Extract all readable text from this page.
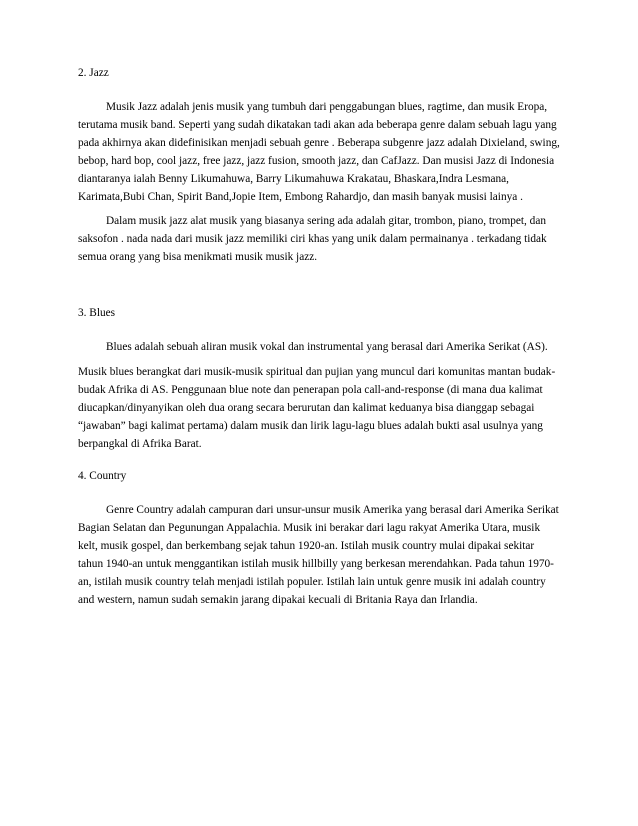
2. Jazz

Musik Jazz adalah jenis musik yang tumbuh dari penggabungan blues, ragtime, dan musik Eropa, terutama musik band. Seperti yang sudah dikatakan tadi akan ada beberapa genre dalam sebuah lagu yang pada akhirnya akan didefinisikan menjadi sebuah genre . Beberapa subgenre jazz adalah Dixieland, swing, bebop, hard bop, cool jazz, free jazz, jazz fusion, smooth jazz, dan CafJazz. Dan musisi Jazz di Indonesia diantaranya ialah Benny Likumahuwa, Barry Likumahuwa Krakatau, Bhaskara,Indra Lesmana, Karimata,Bubi Chan, Spirit Band,Jopie Item, Embong Rahardjo, dan masih banyak musisi lainya .

Dalam musik jazz alat musik yang biasanya sering ada adalah gitar, trombon, piano, trompet, dan saksofon . nada nada dari musik jazz memiliki ciri khas yang unik dalam permainanya . terkadang tidak semua orang yang bisa menikmati musik musik jazz.

3. Blues

Blues adalah sebuah aliran musik vokal dan instrumental yang berasal dari Amerika Serikat (AS).

Musik blues berangkat dari musik-musik spiritual dan pujian yang muncul dari komunitas mantan budak-budak Afrika di AS. Penggunaan blue note dan penerapan pola call-and-response (di mana dua kalimat diucapkan/dinyanyikan oleh dua orang secara berurutan dan kalimat keduanya bisa dianggap sebagai “jawaban” bagi kalimat pertama) dalam musik dan lirik lagu-lagu blues adalah bukti asal usulnya yang berpangkal di Afrika Barat.

4. Country

Genre Country adalah campuran dari unsur-unsur musik Amerika yang berasal dari Amerika Serikat Bagian Selatan dan Pegunungan Appalachia. Musik ini berakar dari lagu rakyat Amerika Utara, musik kelt, musik gospel, dan berkembang sejak tahun 1920-an. Istilah musik country mulai dipakai sekitar tahun 1940-an untuk menggantikan istilah musik hillbilly yang berkesan merendahkan. Pada tahun 1970-an, istilah musik country telah menjadi istilah populer. Istilah lain untuk genre musik ini adalah country and western, namun sudah semakin jarang dipakai kecuali di Britania Raya dan Irlandia.
